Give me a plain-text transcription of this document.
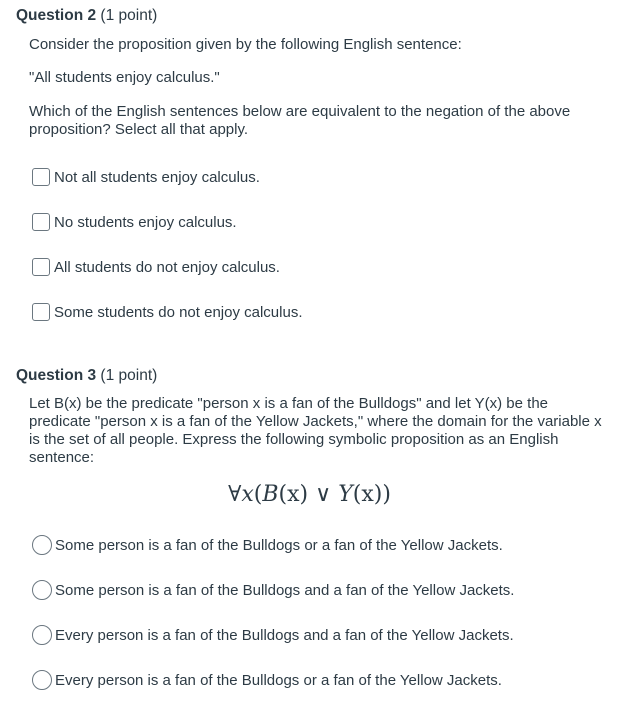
Question 2 (1 point)
Consider the proposition given by the following English sentence:
"All students enjoy calculus."
Which of the English sentences below are equivalent to the negation of the above proposition? Select all that apply.
Not all students enjoy calculus.
No students enjoy calculus.
All students do not enjoy calculus.
Some students do not enjoy calculus.
Question 3 (1 point)
Let B(x) be the predicate "person x is a fan of the Bulldogs" and let Y(x) be the predicate "person x is a fan of the Yellow Jackets," where the domain for the variable x is the set of all people. Express the following symbolic proposition as an English sentence:
∀x(B(x) ∨ Y(x))
Some person is a fan of the Bulldogs or a fan of the Yellow Jackets.
Some person is a fan of the Bulldogs and a fan of the Yellow Jackets.
Every person is a fan of the Bulldogs and a fan of the Yellow Jackets.
Every person is a fan of the Bulldogs or a fan of the Yellow Jackets.
